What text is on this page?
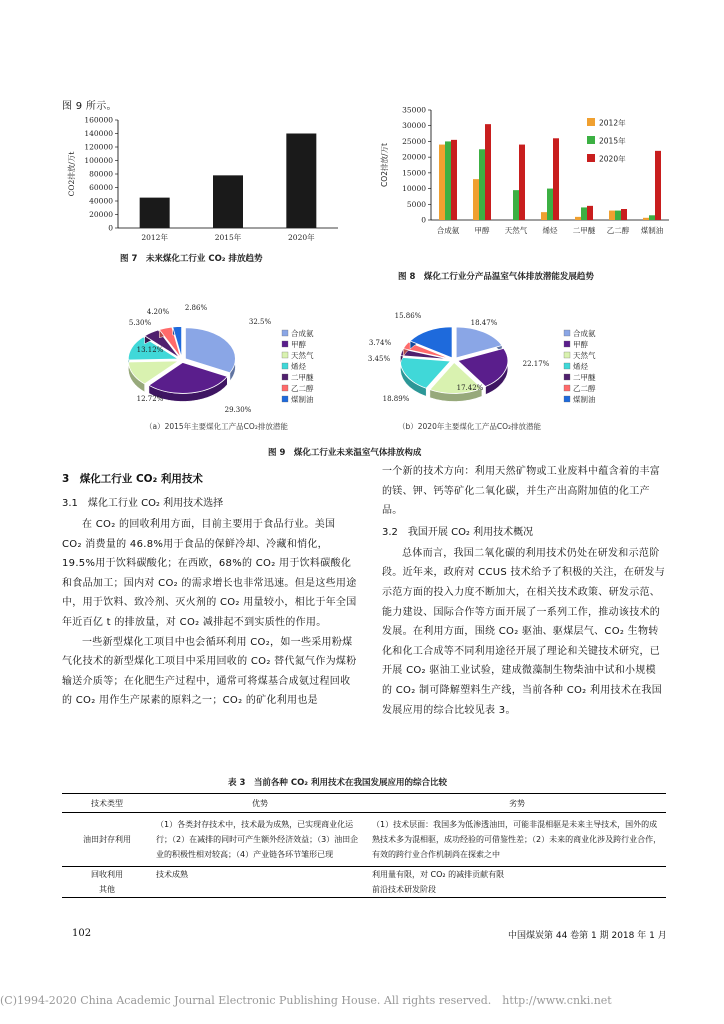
图 9 所示。
0
20000
40000
60000
80000
100000
120000
140000
160000
2012年	2015年	2020年
CO2排放/万t
图 7　未来煤化工行业 CO₂ 排放趋势
0
5000
10000
15000
20000
25000
30000
35000
合成氨 甲醇 天然气 烯烃 二甲醚 乙二醇 煤制油
CO2排放/万t
2012年
2015年
2020年
图 8　煤化工行业分产品温室气体排放潜能发展趋势
32.5%
29.30%
12.72%
13.12%
5.30%
4.20% 2.86%
合成氨
甲醇
天然气
烯烃
二甲醚
乙二醇
煤制油
18.47%
22.17%
17.42%
18.89%
3.45%
3.74%
15.86%
合成氨
甲醇
天然气
烯烃
二甲醚
乙二醇
煤制油
（a）2015年主要煤化工产品CO₂排放潜能	（b）2020年主要煤化工产品CO₂排放潜能
图 9　煤化工行业未来温室气体排放构成
3　煤化工行业 CO₂ 利用技术
3.1　煤化工行业 CO₂ 利用技术选择
在 CO₂ 的回收利用方面，目前主要用于食品行业。美国 CO₂ 消费量的 46.8%用于食品的保鲜冷却、冷藏和悄化，19.5%用于饮料碳酸化；在西欧，68%的 CO₂ 用于饮料碳酸化和食品加工；国内对 CO₂ 的需求增长也非常迅速。但是这些用途中，用于饮料、致冷剂、灭火剂的 CO₂ 用量较小，相比于年全国年近百亿 t 的排放量，对 CO₂ 减排起不到实质性的作用。
一些新型煤化工项目中也会循环利用 CO₂，如一些采用粉煤气化技术的新型煤化工项目中采用回收的 CO₂ 替代氮气作为煤粉输送介质等；在化肥生产过程中，通常可将煤基合成氨过程回收的 CO₂ 用作生产尿素的原料之一；CO₂ 的矿化利用也是
一个新的技术方向：利用天然矿物或工业废料中蕴含着的丰富的镁、钾、钙等矿化二氧化碳，并生产出高附加值的化工产品。
3.2　我国开展 CO₂ 利用技术概况
总体而言，我国二氧化碳的利用技术仍处在研发和示范阶段。近年来，政府对 CCUS 技术给予了积极的关注，在研发与示范方面的投入力度不断加大，在相关技术政策、研发示范、能力建设、国际合作等方面开展了一系列工作，推动该技术的发展。在利用方面，围绕 CO₂ 驱油、驱煤层气、CO₂ 生物转化和化工合成等不同利用途径开展了理论和关键技术研究，已开展 CO₂ 驱油工业试验，建成微藻制生物柴油中试和小规模的 CO₂ 制可降解塑料生产线，当前各种 CO₂ 利用技术在我国发展应用的综合比较见表 3。
表 3　当前各种 CO₂ 利用技术在我国发展应用的综合比较
技术类型	优势	劣势
油田封存利用	（1）各类封存技术中，技术最为成熟，已实现商业化运行；（2）在减排的同时可产生额外经济效益；（3）油田企业的积极性相对较高；（4）产业链各环节雏形已现	（1）技术层面：我国多为低渗透油田，可能非混相驱是未来主导技术，国外的成熟技术多为混相驱，成功经验的可借鉴性差；（2）未来的商业化涉及跨行业合作，有效的跨行业合作机制尚在探索之中
回收利用	技术成熟	利用量有限，对 CO₂ 的减排贡献有限
其他		前沿技术研发阶段
102	中国煤炭第 44 卷第 1 期 2018 年 1 月
(C)1994-2020 China Academic Journal Electronic Publishing House. All rights reserved.　http://www.cnki.net
